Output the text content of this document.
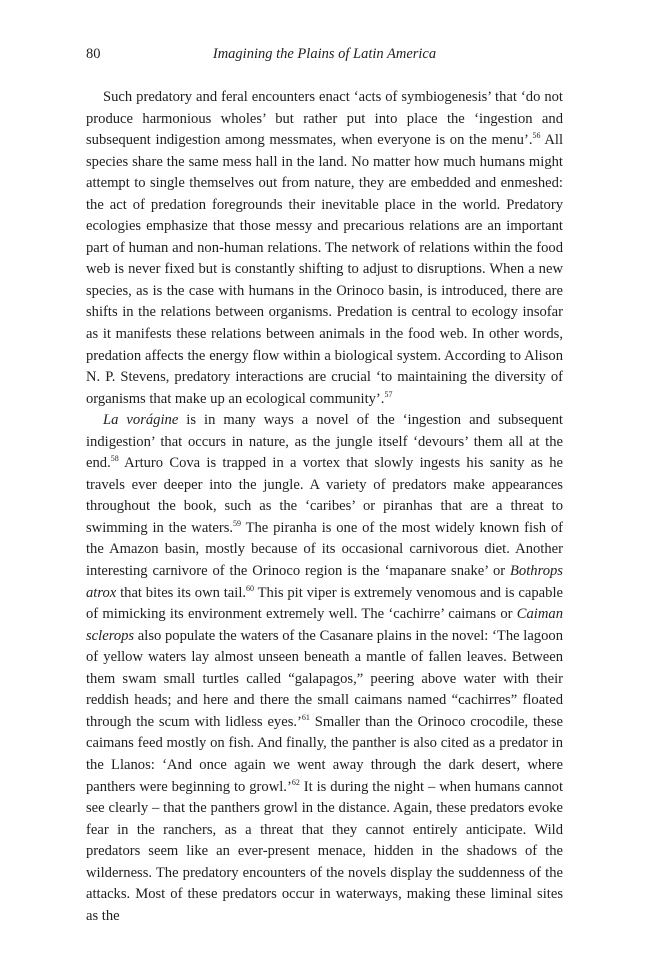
80	Imagining the Plains of Latin America

Such predatory and feral encounters enact ‘acts of symbiogenesis’ that ‘do not produce harmonious wholes’ but rather put into place the ‘ingestion and subsequent indigestion among messmates, when everyone is on the menu’.$^{56}$ All species share the same mess hall in the land. No matter how much humans might attempt to single themselves out from nature, they are embedded and enmeshed: the act of predation foregrounds their inevitable place in the world. Predatory ecologies emphasize that those messy and precarious relations are an important part of human and non-human relations. The network of relations within the food web is never fixed but is constantly shifting to adjust to disruptions. When a new species, as is the case with humans in the Orinoco basin, is introduced, there are shifts in the relations between organisms. Predation is central to ecology insofar as it manifests these relations between animals in the food web. In other words, predation affects the energy flow within a biological system. According to Alison N. P. Stevens, predatory interactions are crucial ‘to maintaining the diversity of organisms that make up an ecological community’.$^{57}$

La vorágine is in many ways a novel of the ‘ingestion and subsequent indigestion’ that occurs in nature, as the jungle itself ‘devours’ them all at the end.$^{58}$ Arturo Cova is trapped in a vortex that slowly ingests his sanity as he travels ever deeper into the jungle. A variety of predators make appearances throughout the book, such as the ‘caribes’ or piranhas that are a threat to swimming in the waters.$^{59}$ The piranha is one of the most widely known fish of the Amazon basin, mostly because of its occasional carnivorous diet. Another interesting carnivore of the Orinoco region is the ‘mapanare snake’ or Bothrops atrox that bites its own tail.$^{60}$ This pit viper is extremely venomous and is capable of mimicking its environment extremely well. The ‘cachirre’ caimans or Caiman sclerops also populate the waters of the Casanare plains in the novel: ‘The lagoon of yellow waters lay almost unseen beneath a mantle of fallen leaves. Between them swam small turtles called “galapagos,” peering above water with their reddish heads; and here and there the small caimans named “cachirres” floated through the scum with lidless eyes.’$^{61}$ Smaller than the Orinoco crocodile, these caimans feed mostly on fish. And finally, the panther is also cited as a predator in the Llanos: ‘And once again we went away through the dark desert, where panthers were beginning to growl.’$^{62}$ It is during the night – when humans cannot see clearly – that the panthers growl in the distance. Again, these predators evoke fear in the ranchers, as a threat that they cannot entirely anticipate. Wild predators seem like an ever-present menace, hidden in the shadows of the wilderness. The predatory encounters of the novels display the suddenness of the attacks. Most of these predators occur in waterways, making these liminal sites as the
